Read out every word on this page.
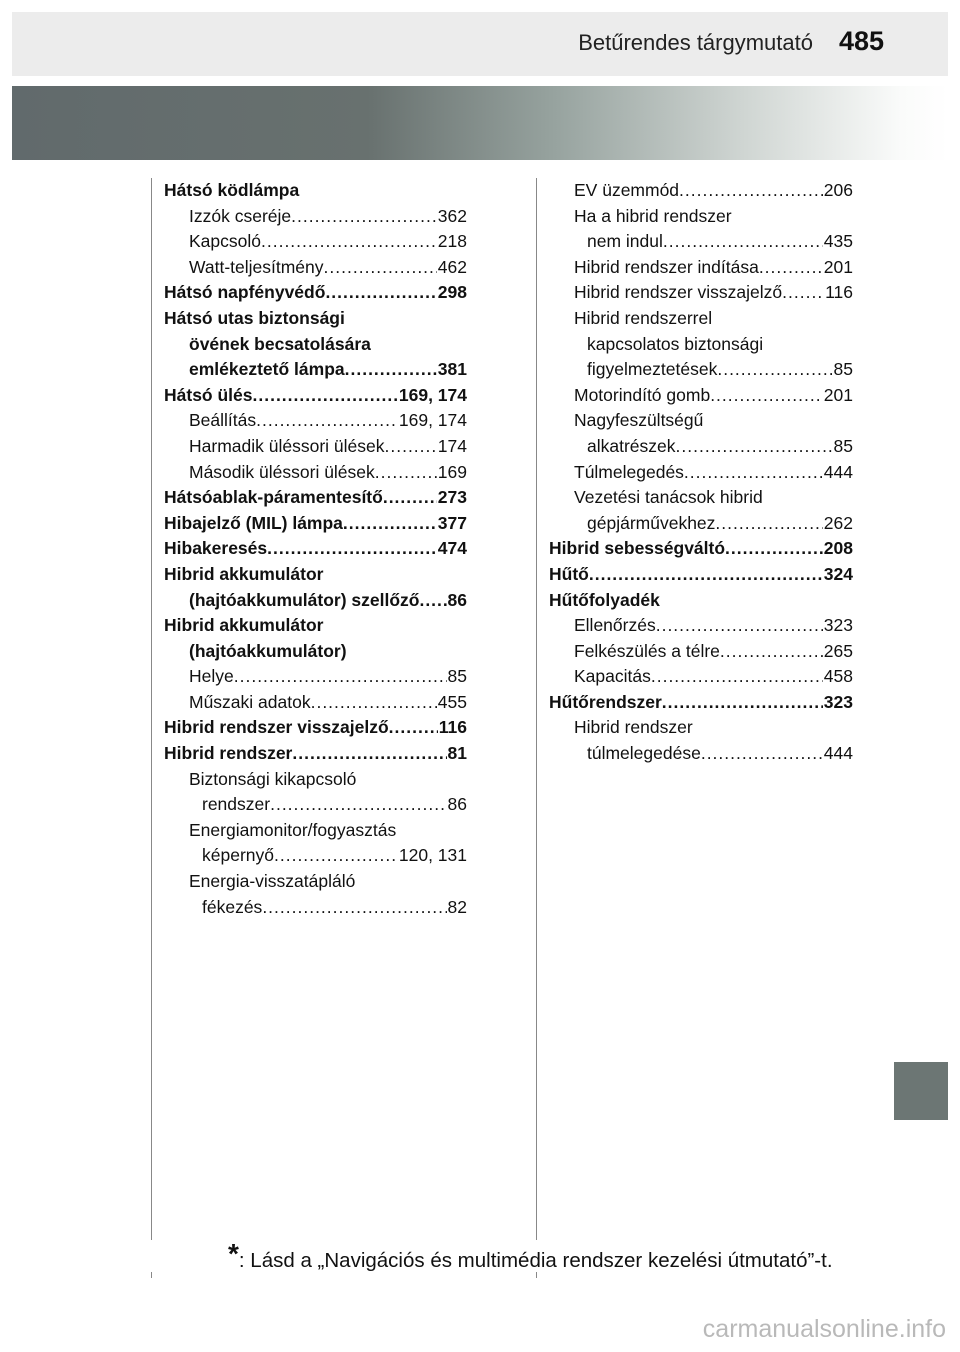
Betűrendes tárgymutató 485
Hátsó ködlámpa
Izzók cseréje .....	362
Kapcsoló .....	218
Watt-teljesítmény .....	462
Hátsó napfényvédő .....	298
Hátsó utas biztonsági
övének becsatolására
emlékeztető lámpa .....	381
Hátsó ülés .....	169, 174
Beállítás .....	169, 174
Harmadik üléssori ülések .....	174
Második üléssori ülések .....	169
Hátsóablak-páramentesítő .....	273
Hibajelző (MIL) lámpa .....	377
Hibakeresés .....	474
Hibrid akkumulátor
(hajtóakkumulátor) szellőző ..... 86
Hibrid akkumulátor
(hajtóakkumulátor)
Helye .....	85
Műszaki adatok .....	455
Hibrid rendszer visszajelző .....	116
Hibrid rendszer .....	81
Biztonsági kikapcsoló
rendszer .....	86
Energiamonitor/fogyasztás
képernyő .....	120, 131
Energia-visszatápláló
fékezés .....	82
EV üzemmód .....	206
Ha a hibrid rendszer
nem indul .....	435
Hibrid rendszer indítása .....	201
Hibrid rendszer visszajelző ..... 116
Hibrid rendszerrel
kapcsolatos biztonsági
figyelmeztetések .....	85
Motorindító gomb .....	201
Nagyfeszültségű
alkatrészek .....	85
Túlmelegedés .....	444
Vezetési tanácsok hibrid
gépjárművekhez .....	262
Hibrid sebességváltó .....	208
Hűtő .....	324
Hűtőfolyadék
Ellenőrzés .....	323
Felkészülés a télre .....	265
Kapacitás .....	458
Hűtőrendszer .....	323
Hibrid rendszer
túlmelegedése .....	444
*: Lásd a „Navigációs és multimédia rendszer kezelési útmutató”-t.
carmanualsonline.info
